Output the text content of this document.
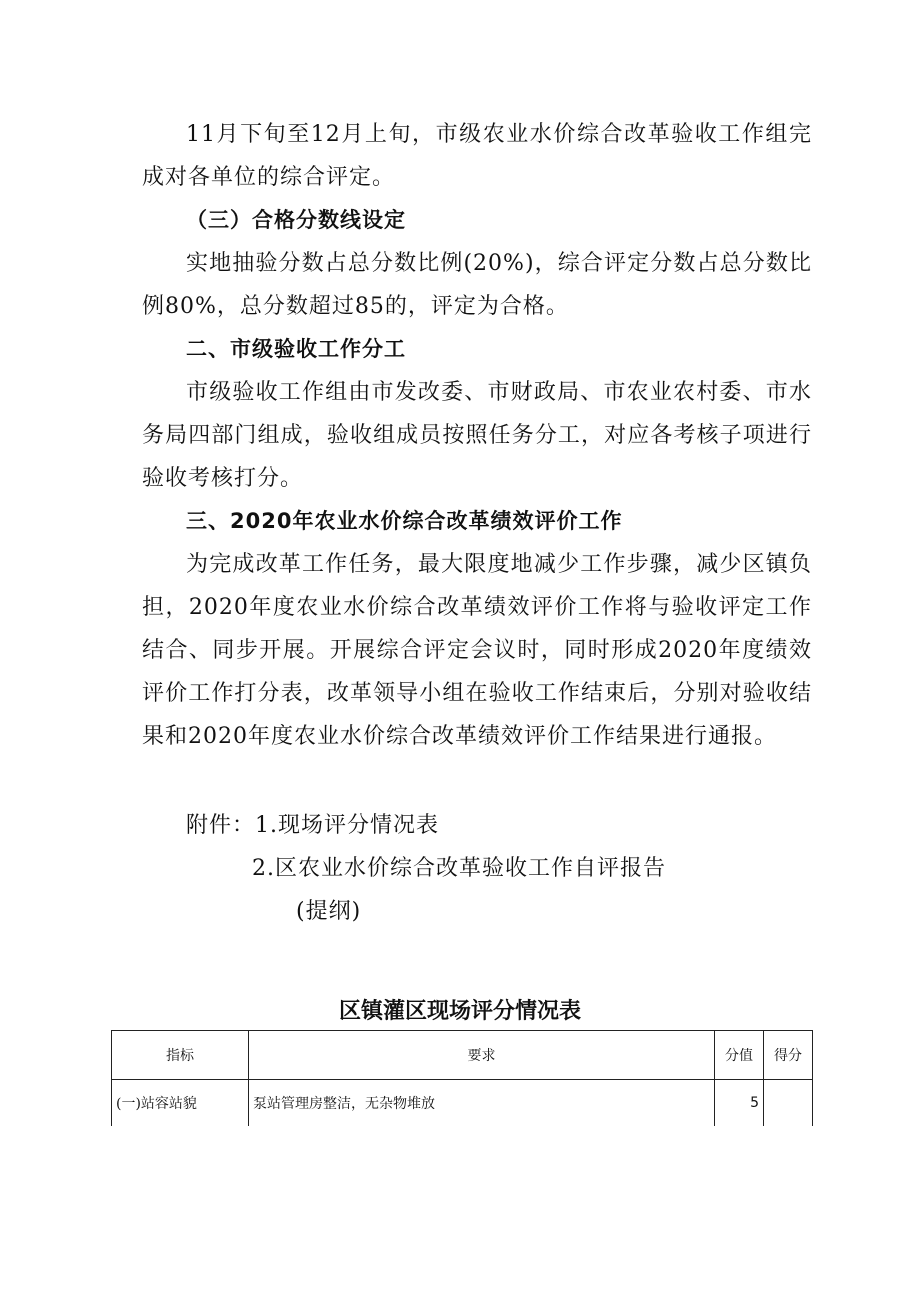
11月下旬至12月上旬，市级农业水价综合改革验收工作组完成对各单位的综合评定。

（三）合格分数线设定

实地抽验分数占总分数比例(20%)，综合评定分数占总分数比例80%，总分数超过85的，评定为合格。

二、市级验收工作分工

市级验收工作组由市发改委、市财政局、市农业农村委、市水务局四部门组成，验收组成员按照任务分工，对应各考核子项进行验收考核打分。

三、2020年农业水价综合改革绩效评价工作

为完成改革工作任务，最大限度地减少工作步骤，减少区镇负担，2020年度农业水价综合改革绩效评价工作将与验收评定工作结合、同步开展。开展综合评定会议时，同时形成2020年度绩效评价工作打分表，改革领导小组在验收工作结束后，分别对验收结果和2020年度农业水价综合改革绩效评价工作结果进行通报。

附件：1.现场评分情况表

2.区农业水价综合改革验收工作自评报告

(提纲)

区镇灌区现场评分情况表

指标	要求	分值	得分
(一)站容站貌	泵站管理房整洁，无杂物堆放	5	
